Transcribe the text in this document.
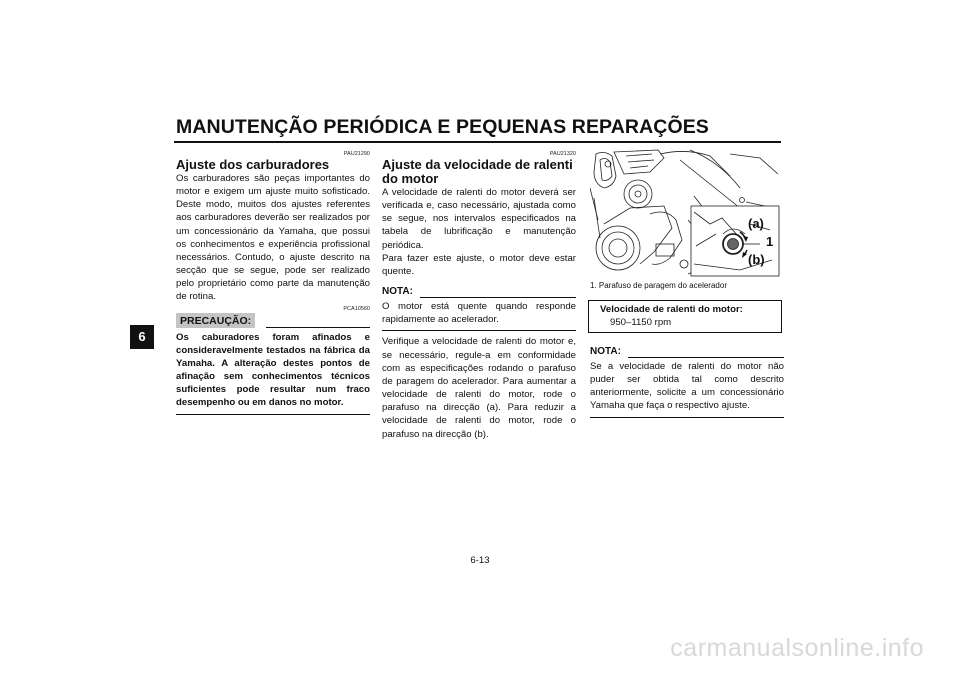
MANUTENÇÃO PERIÓDICA E PEQUENAS REPARAÇÕES
6
PAU21290
Ajuste dos carburadores
Os carburadores são peças importantes do motor e exigem um ajuste muito sofisticado. Deste modo, muitos dos ajustes referentes aos carburadores deverão ser realizados por um concessionário da Yamaha, que possui os conhecimentos e experiência profissional necessários. Contudo, o ajuste descrito na secção que se segue, pode ser realizado pelo proprietário como parte da manutenção de rotina.
PCA10560
PRECAUÇÃO:
Os caburadores foram afinados e consideravelmente testados na fábrica da Yamaha. A alteração destes pontos de afinação sem conhecimentos técnicos suficientes pode resultar num fraco desempenho ou em danos no motor.
PAU21320
Ajuste da velocidade de ralenti do motor
A velocidade de ralenti do motor deverá ser verificada e, caso necessário, ajustada como se segue, nos intervalos especificados na tabela de lubrificação e manutenção periódica.
Para fazer este ajuste, o motor deve estar quente.
NOTA:
O motor está quente quando responde rapidamente ao acelerador.
Verifique a velocidade de ralenti do motor e, se necessário, regule-a em conformidade com as especificações rodando o parafuso de paragem do acelerador. Para aumentar a velocidade de ralenti do motor, rode o parafuso na direcção (a). Para reduzir a velocidade de ralenti do motor, rode o parafuso na direcção (b).
(a)
1
(b)
1. Parafuso de paragem do acelerador
Velocidade de ralenti do motor:
950–1150 rpm
NOTA:
Se a velocidade de ralenti do motor não puder ser obtida tal como descrito anteriormente, solicite a um concessionário Yamaha que faça o respectivo ajuste.
6-13
carmanualsonline.info
